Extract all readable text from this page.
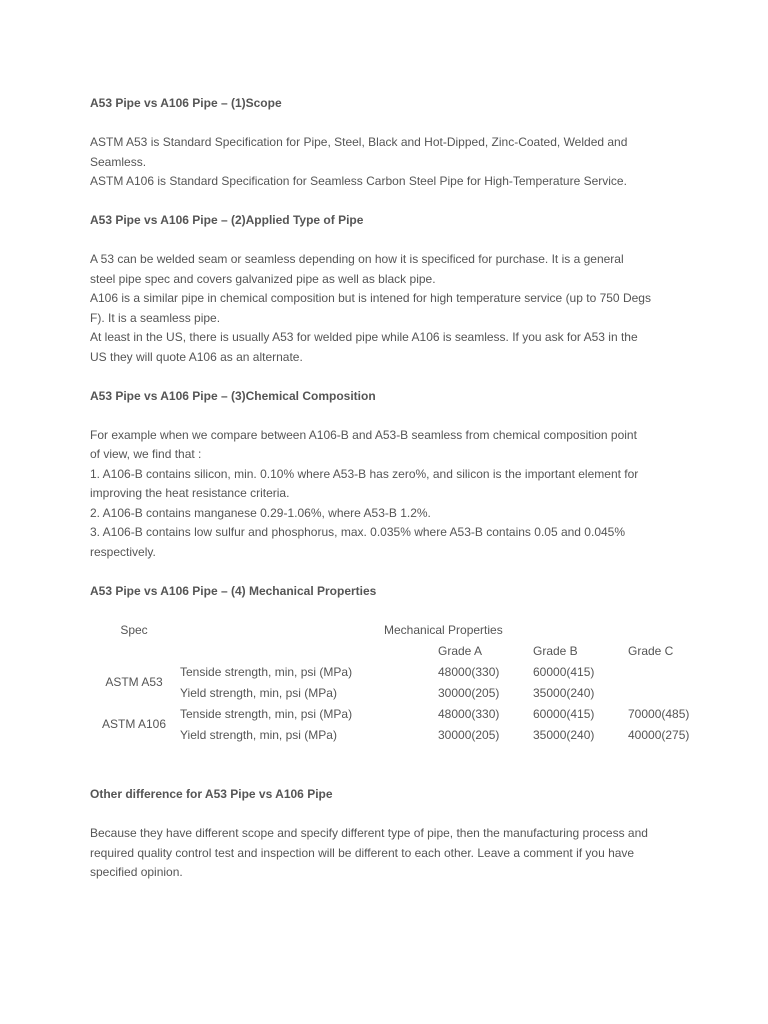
A53 Pipe vs A106 Pipe – (1)Scope

ASTM A53 is Standard Specification for Pipe, Steel, Black and Hot-Dipped, Zinc-Coated, Welded and

Seamless.

ASTM A106 is Standard Specification for Seamless Carbon Steel Pipe for High-Temperature Service.

A53 Pipe vs A106 Pipe – (2)Applied Type of Pipe

A 53 can be welded seam or seamless depending on how it is specificed for purchase. It is a general

steel pipe spec and covers galvanized pipe as well as black pipe.

A106 is a similar pipe in chemical composition but is intened for high temperature service (up to 750 Degs

F). It is a seamless pipe.

At least in the US, there is usually A53 for welded pipe while A106 is seamless. If you ask for A53 in the

US they will quote A106 as an alternate.

A53 Pipe vs A106 Pipe – (3)Chemical Composition

For example when we compare between A106-B and A53-B seamless from chemical composition point

of view, we find that :

1. A106-B contains silicon, min. 0.10% where A53-B has zero%, and silicon is the important element for

improving the heat resistance criteria.

2. A106-B contains manganese 0.29-1.06%, where A53-B 1.2%.

3. A106-B contains low sulfur and phosphorus, max. 0.035% where A53-B contains 0.05 and 0.045%

respectively.

A53 Pipe vs A106 Pipe – (4) Mechanical Properties

Spec		Mechanical Properties
		Grade A	Grade B	Grade C
ASTM A53	Tenside strength, min, psi (MPa)	48000(330)	60000(415)	
Yield strength, min, psi (MPa)	30000(205)	35000(240)	
ASTM A106	Tenside strength, min, psi (MPa)	48000(330)	60000(415)	70000(485)
Yield strength, min, psi (MPa)	30000(205)	35000(240)	40000(275)

Other difference for A53 Pipe vs A106 Pipe

Because they have different scope and specify different type of pipe, then the manufacturing process and

required quality control test and inspection will be different to each other. Leave a comment if you have

specified opinion.
